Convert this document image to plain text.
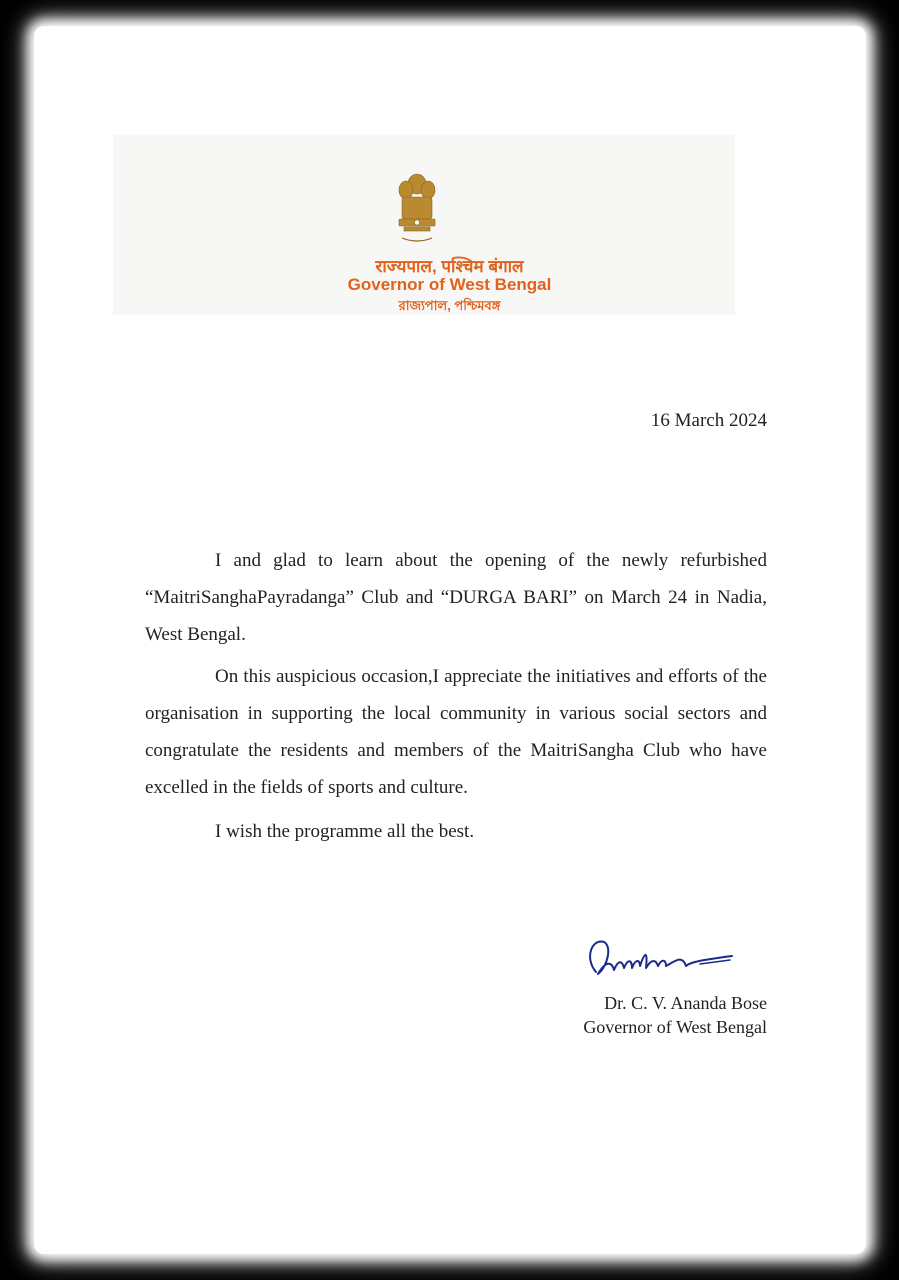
राज्यपाल, पश्चिम बंगाल
Governor of West Bengal
রাজ্যপাল, পশ্চিমবঙ্গ
16 March 2024
I and glad to learn about the opening of the newly refurbished “MaitriSanghaPayradanga” Club and “DURGA BARI” on March 24 in Nadia, West Bengal.
On this auspicious occasion,I appreciate the initiatives and efforts of the organisation in supporting the local community in various social sectors and congratulate the residents and members of the MaitriSangha Club who have excelled in the fields of sports and culture.
I wish the programme all the best.
Dr. C. V. Ananda Bose
Governor of West Bengal
